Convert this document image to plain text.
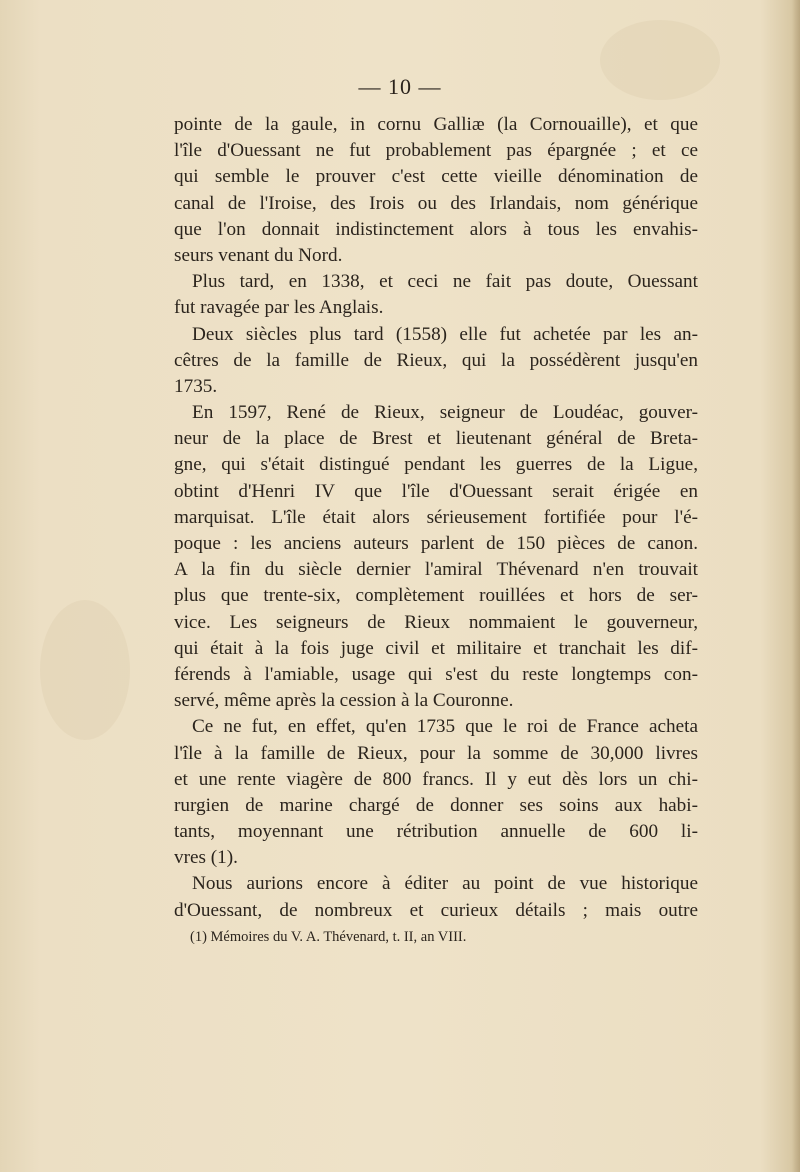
— 10 —
pointe de la gaule, in cornu Galliæ (la Cornouaille), et que
l'île d'Ouessant ne fut probablement pas épargnée ; et ce
qui semble le prouver c'est cette vieille dénomination de
canal de l'Iroise, des Irois ou des Irlandais, nom générique
que l'on donnait indistinctement alors à tous les envahis-
seurs venant du Nord.
Plus tard, en 1338, et ceci ne fait pas doute, Ouessant
fut ravagée par les Anglais.
Deux siècles plus tard (1558) elle fut achetée par les an-
cêtres de la famille de Rieux, qui la possédèrent jusqu'en
1735.
En 1597, René de Rieux, seigneur de Loudéac, gouver-
neur de la place de Brest et lieutenant général de Breta-
gne, qui s'était distingué pendant les guerres de la Ligue,
obtint d'Henri IV que l'île d'Ouessant serait érigée en
marquisat. L'île était alors sérieusement fortifiée pour l'é-
poque : les anciens auteurs parlent de 150 pièces de canon.
A la fin du siècle dernier l'amiral Thévenard n'en trouvait
plus que trente-six, complètement rouillées et hors de ser-
vice. Les seigneurs de Rieux nommaient le gouverneur,
qui était à la fois juge civil et militaire et tranchait les dif-
férends à l'amiable, usage qui s'est du reste longtemps con-
servé, même après la cession à la Couronne.
Ce ne fut, en effet, qu'en 1735 que le roi de France acheta
l'île à la famille de Rieux, pour la somme de 30,000 livres
et une rente viagère de 800 francs. Il y eut dès lors un chi-
rurgien de marine chargé de donner ses soins aux habi-
tants, moyennant une rétribution annuelle de 600 li-
vres (1).
Nous aurions encore à éditer au point de vue historique
d'Ouessant, de nombreux et curieux détails ; mais outre
(1) Mémoires du V. A. Thévenard, t. II, an VIII.
